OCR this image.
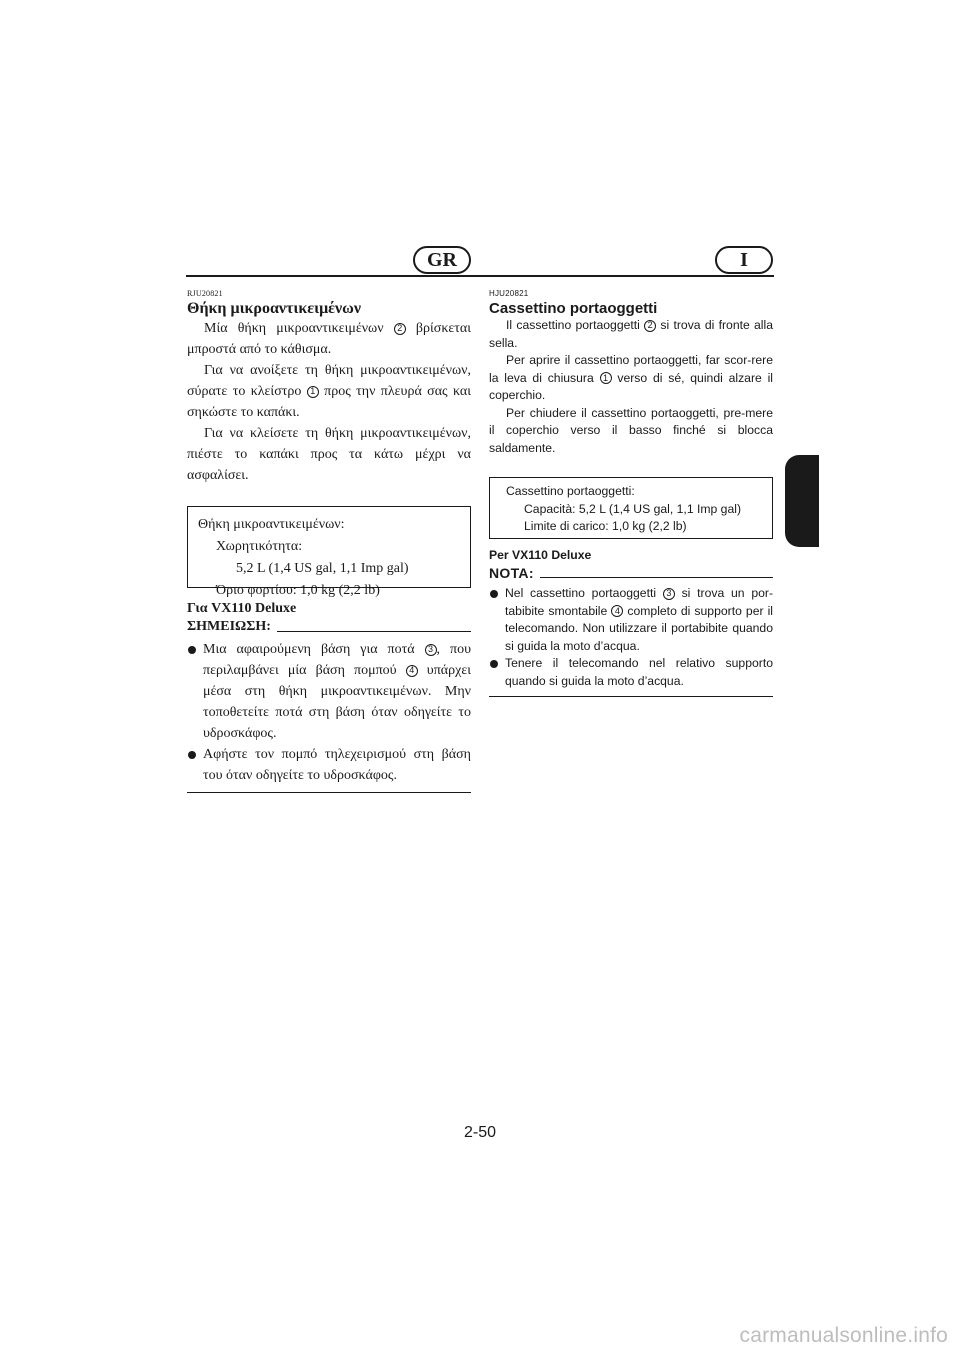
GR	I

RJU20821

Θήκη μικροαντικειμένων

Μία θήκη μικροαντικειμένων 2 βρίσκεται μπροστά από το κάθισμα.

Για να ανοίξετε τη θήκη μικροαντικειμένων, σύρατε το κλείστρο 1 προς την πλευρά σας και σηκώστε το καπάκι.

Για να κλείσετε τη θήκη μικροαντικειμένων, πιέστε το καπάκι προς τα κάτω μέχρι να ασφαλίσει.

Θήκη μικροαντικειμένων:
Χωρητικότητα:
5,2 L (1,4 US gal, 1,1 Imp gal)
Όριο φορτίου: 1,0 kg (2,2 lb)

Για VX110 Deluxe

ΣΗΜΕΙΩΣΗ:
Μια αφαιρούμενη βάση για ποτά 3 , που περιλαμβάνει μία βάση πομπού 4 υπάρχει μέσα στη θήκη μικροαντικειμένων. Μην τοποθετείτε ποτά στη βάση όταν οδηγείτε το υδροσκάφος.
Αφήστε τον πομπό τηλεχειρισμού στη βάση του όταν οδηγείτε το υδροσκάφος.

HJU20821

Cassettino portaoggetti

Il cassettino portaoggetti 2 si trova di fronte alla sella.

Per aprire il cassettino portaoggetti, far scor-rere la leva di chiusura 1 verso di sé, quindi alzare il coperchio.

Per chiudere il cassettino portaoggetti, pre-mere il coperchio verso il basso finché si blocca saldamente.

Cassettino portaoggetti:
Capacità: 5,2 L (1,4 US gal, 1,1 Imp gal)
Limite di carico: 1,0 kg (2,2 lb)

Per VX110 Deluxe

NOTA:
Nel cassettino portaoggetti 3 si trova un por-tabibite smontabile 4 completo di supporto per il telecomando. Non utilizzare il portabibite quando si guida la moto d’acqua.
Tenere il telecomando nel relativo supporto quando si guida la moto d’acqua.
2-50
carmanualsonline.info
